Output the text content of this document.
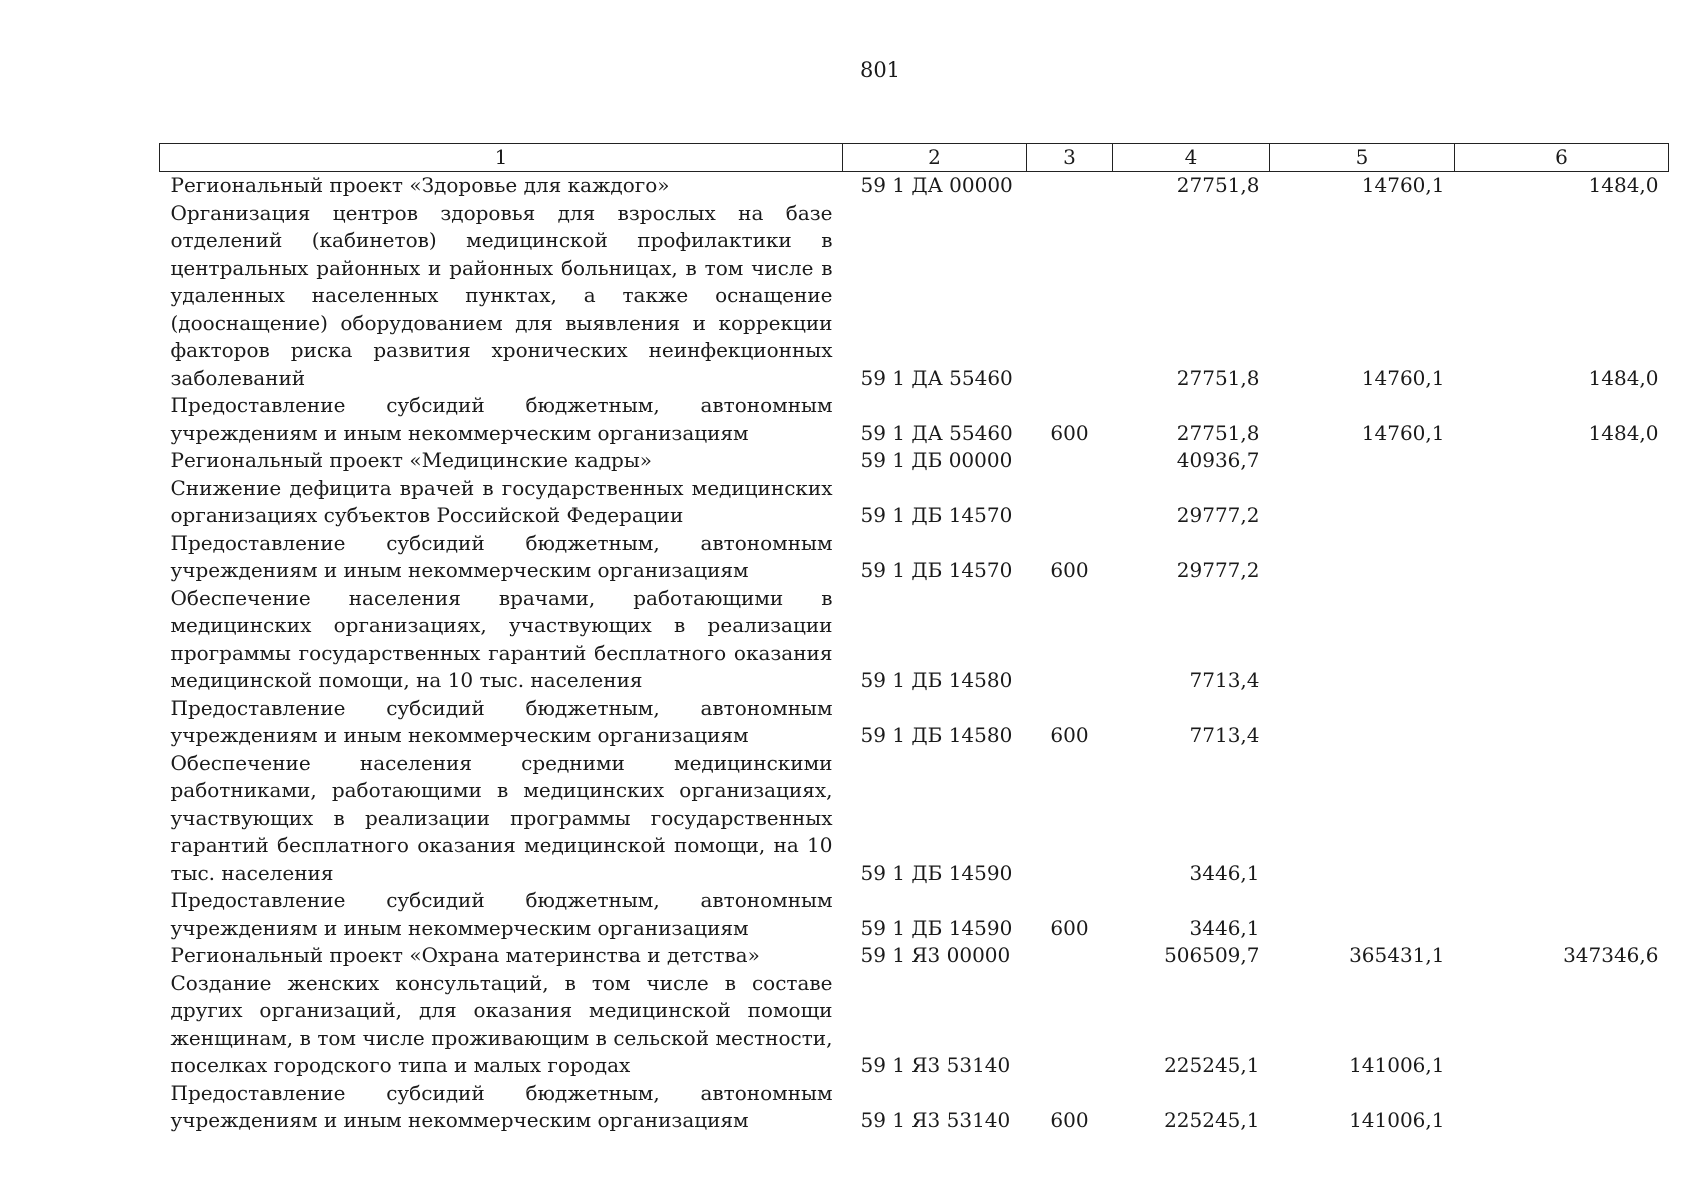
801
1	2	3	4	5	6
Региональный проект «Здоровье для каждого»	59 1 ДА 00000		27751,8	14760,1	1484,0
Организация центров здоровья для взрослых на базе отделений (кабинетов) медицинской профилактики в центральных районных и районных больницах, в том числе в удаленных населенных пунктах, а также оснащение (дооснащение) оборудованием для выявления и коррекции факторов риска развития хронических неинфекционных заболеваний	59 1 ДА 55460		27751,8	14760,1	1484,0
Предоставление субсидий бюджетным, автономным учреждениям и иным некоммерческим организациям	59 1 ДА 55460	600	27751,8	14760,1	1484,0
Региональный проект «Медицинские кадры»	59 1 ДБ 00000		40936,7		
Снижение дефицита врачей в государственных медицинских организациях субъектов Российской Федерации	59 1 ДБ 14570		29777,2		
Предоставление субсидий бюджетным, автономным учреждениям и иным некоммерческим организациям	59 1 ДБ 14570	600	29777,2		
Обеспечение населения врачами, работающими в медицинских организациях, участвующих в реализации программы государственных гарантий бесплатного оказания медицинской помощи, на 10 тыс. населения	59 1 ДБ 14580		7713,4		
Предоставление субсидий бюджетным, автономным учреждениям и иным некоммерческим организациям	59 1 ДБ 14580	600	7713,4		
Обеспечение населения средними медицинскими работниками, работающими в медицинских организациях, участвующих в реализации программы государственных гарантий бесплатного оказания медицинской помощи, на 10 тыс. населения	59 1 ДБ 14590		3446,1		
Предоставление субсидий бюджетным, автономным учреждениям и иным некоммерческим организациям	59 1 ДБ 14590	600	3446,1		
Региональный проект «Охрана материнства и детства»	59 1 Я3 00000		506509,7	365431,1	347346,6
Создание женских консультаций, в том числе в составе других организаций, для оказания медицинской помощи женщинам, в том числе проживающим в сельской местности, поселках городского типа и малых городах	59 1 Я3 53140		225245,1	141006,1	
Предоставление субсидий бюджетным, автономным учреждениям и иным некоммерческим организациям	59 1 Я3 53140	600	225245,1	141006,1	
